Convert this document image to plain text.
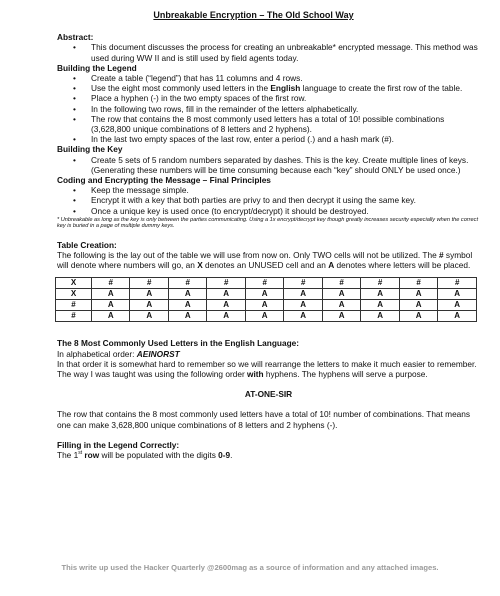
Unbreakable Encryption – The Old School Way

Abstract:

• This document discusses the process for creating an unbreakable* encrypted message. This method was used during WW II and is still used by field agents today.

Building the Legend

• Create a table (“legend”) that has 11 columns and 4 rows.
• Use the eight most commonly used letters in the English language to create the first row of the table.
• Place a hyphen (-) in the two empty spaces of the first row.
• In the following two rows, fill in the remainder of the letters alphabetically.
• The row that contains the 8 most commonly used letters has a total of 10! possible combinations (3,628,800 unique combinations of 8 letters and 2 hyphens).
• In the last two empty spaces of the last row, enter a period (.) and a hash mark (#).

Building the Key

• Create 5 sets of 5 random numbers separated by dashes. This is the key. Create multiple lines of keys. (Generating these numbers will be time consuming because each “key” should ONLY be used once.)

Coding and Encrypting the Message – Final Principles

• Keep the message simple.
• Encrypt it with a key that both parties are privy to and then decrypt it using the same key.
• Once a unique key is used once (to encrypt/decrypt) it should be destroyed.

* Unbreakable as long as the key is only between the parties communicating. Using a 1x encrypt/decrypt key though greatly increases security especially when the correct key is buried in a page of multiple dummy keys.

Table Creation:

The following is the lay out of the table we will use from now on. Only TWO cells will not be utilized. The # symbol will denote where numbers will go, an X denotes an UNUSED cell and an A denotes where letters will be placed.

X	#	#	#	#	#	#	#	#	#	#
X	A	A	A	A	A	A	A	A	A	A
#	A	A	A	A	A	A	A	A	A	A
#	A	A	A	A	A	A	A	A	A	A

The 8 Most Commonly Used Letters in the English Language:

In alphabetical order: AEINORST

In that order it is somewhat hard to remember so we will rearrange the letters to make it much easier to remember.

The way I was taught was using the following order with hyphens. The hyphens will serve a purpose.

AT-ONE-SIR

The row that contains the 8 most commonly used letters have a total of 10! number of combinations. That means one can make 3,628,800 unique combinations of 8 letters and 2 hyphens (-).

Filling in the Legend Correctly:

The 1st row will be populated with the digits 0-9.

This write up used the Hacker Quarterly @2600mag as a source of information and any attached images.
